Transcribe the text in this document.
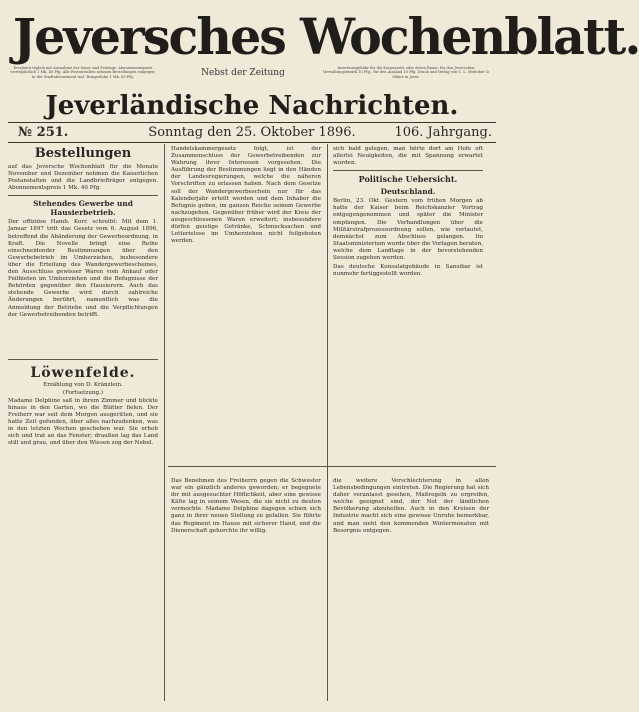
Jeversches Wochenblatt.
Erscheint täglich mit Ausnahme der Sonn- und Festtage. Abonnementspreis vierteljährlich 1 Mk. 40 Pfg. Alle Postanstalten nehmen Bestellungen entgegen; in der Stadtabonnement incl. Bringerlohn 1 Mk. 65 Pfg.	Nebst der Zeitung	Insertionsgebühr für die Korpuszeile oder deren Raum: für den Jeverschen Verwaltungsbezirk 10 Pfg., für den Ausland 15 Pfg. Druck und Verlag von C. L. Mettcker & Söhne in Jever.
Jeverländische Nachrichten.
№ 251.	Sonntag den 25. Oktober 1896.	106. Jahrgang.
Bestellungen
auf das Jeversche Wochenblatt für die Monate November und Dezember nehmen die Kaiserlichen Postanstalten und die Landbriefträger entgegen. Abonnementspreis 1 Mk. 40 Pfg.
Stehendes Gewerbe und Hausierbetrieb.
Der offiziöse Hamb. Korr. schreibt: Mit dem 1. Januar 1897 tritt das Gesetz vom 6. August 1896, betreffend die Abänderung der Gewerbeordnung, in Kraft. Die Novelle bringt eine Reihe einschneidender Bestimmungen über den Gewerbebetrieb im Umherziehen, insbesondere über die Erteilung des Wandergewerbescheines, den Ausschluss gewisser Waren vom Ankauf oder Feilbieten im Umherziehen und die Befugnisse der Behörden gegenüber den Hausierern. Auch das stehende Gewerbe wird durch zahlreiche Änderungen berührt, namentlich was die Anmeldung der Betriebe und die Verpflichtungen der Gewerbetreibenden betrifft.
Löwenfelde.
Erzählung von D. Kränzlein.
(Fortsetzung.)
Madame Delphine saß in ihrem Zimmer und blickte hinaus in den Garten, wo die Blätter fielen. Der Freiherr war seit dem Morgen ausgeritten, und sie hatte Zeit gefunden, über alles nachzudenken, was in den letzten Wochen geschehen war. Sie erhob sich und trat an das Fenster; draußen lag das Land still und grau, und über den Wiesen zog der Nebel.
Handelskammergesetz folgt, ist der Zusammenschluss der Gewerbetreibenden zur Wahrung ihrer Interessen vorgesehen. Die Ausführung der Bestimmungen liegt in den Händen der Landesregierungen, welche die näheren Vorschriften zu erlassen haben. Nach dem Gesetze soll der Wandergewerbeschein nur für das Kalenderjahr erteilt werden und dem Inhaber die Befugnis geben, im ganzen Reiche seinem Gewerbe nachzugehen. Gegenüber früher wird der Kreis der ausgeschlossenen Waren erweitert; insbesondere dürfen geistige Getränke, Schmucksachen und Lotterielose im Umherziehen nicht feilgeboten werden.
sich bald gelegen, man hörte dort am Hofe oft allerlei Neuigkeiten, die mit Spannung erwartet wurden.
Politische Uebersicht.
Deutschland.
Berlin, 23. Okt. Gestern vom frühen Morgen ab hatte der Kaiser beim Reichskanzler Vortrag entgegengenommen und später die Minister empfangen. Die Verhandlungen über die Militärstrafprozessordnung sollen, wie verlautet, demnächst zum Abschluss gelangen. Im Staatsministerium wurde über die Vorlagen beraten, welche dem Landtage in der bevorstehenden Session zugehen werden.
Das deutsche Konsulatgebäude in Sansibar ist nunmehr fertiggestellt worden.
Das Benehmen des Freiherrn gegen die Schwester war ein gänzlich anderes geworden; er begegnete ihr mit ausgesuchter Höflichkeit, aber eine gewisse Kälte lag in seinem Wesen, die sie nicht zu deuten vermochte. Madame Delphine dagegen schien sich ganz in ihrer neuen Stellung zu gefallen. Sie führte das Regiment im Hause mit sicherer Hand, und die Dienerschaft gehorchte ihr willig.
die weitere Verschlechterung in allen Lebensbedingungen eintreten. Die Regierung hat sich daher veranlasst gesehen, Maßregeln zu ergreifen, welche geeignet sind, der Not der ländlichen Bevölkerung abzuhelfen. Auch in den Kreisen der Industrie macht sich eine gewisse Unruhe bemerkbar, und man sieht den kommenden Wintermonaten mit Besorgnis entgegen.
